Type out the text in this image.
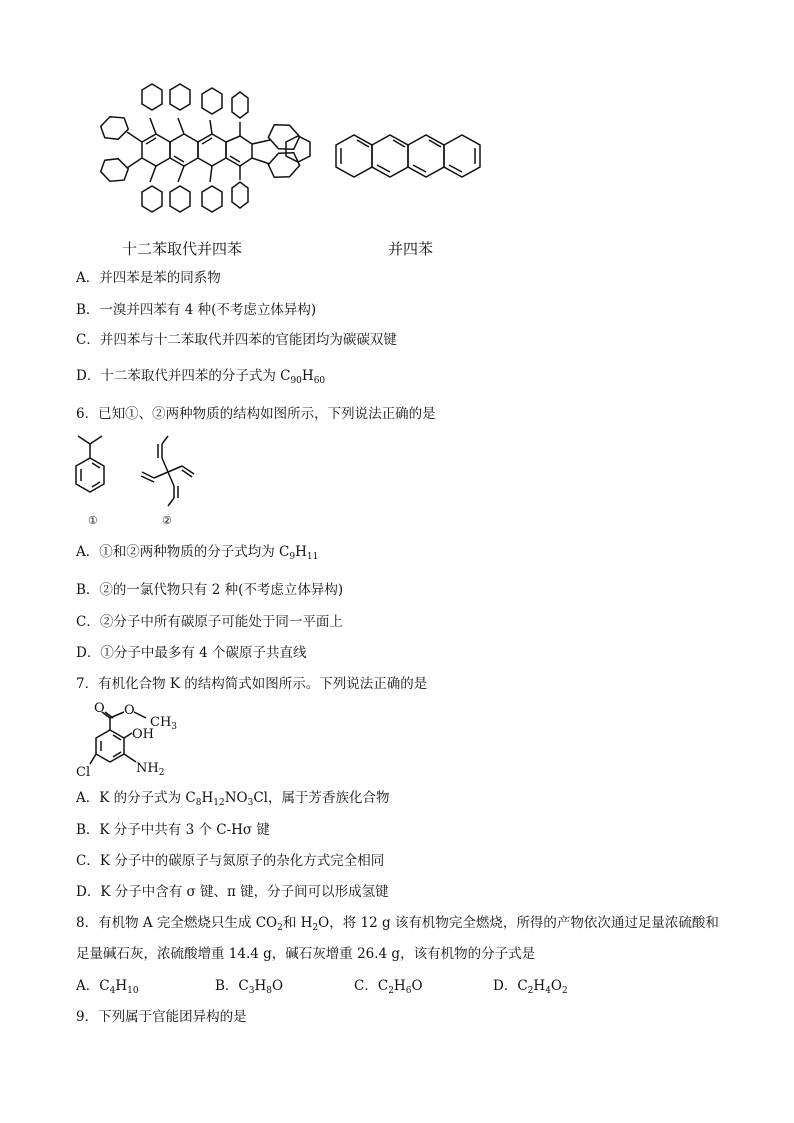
十二苯取代并四苯	并四苯
A．并四苯是苯的同系物
B．一溴并四苯有 4 种(不考虑立体异构)
C．并四苯与十二苯取代并四苯的官能团均为碳碳双键
D．十二苯取代并四苯的分子式为 $C_{90}H_{60}$
6．已知①、②两种物质的结构如图所示，下列说法正确的是
①	②
A．①和②两种物质的分子式均为 $C_9H_{11}$
B．②的一氯代物只有 2 种(不考虑立体异构)
C．②分子中所有碳原子可能处于同一平面上
D．①分子中最多有 4 个碳原子共直线
7．有机化合物 K 的结构简式如图所示。下列说法正确的是
O O
$CH_3$
OH
Cl	$NH_2$
A．K 的分子式为 $C_8H_{12}NO_3Cl$，属于芳香族化合物
B．K 分子中共有 3 个 C-Hσ 键
C．K 分子中的碳原子与氮原子的杂化方式完全相同
D．K 分子中含有 σ 键、π 键，分子间可以形成氢键
8．有机物 A 完全燃烧只生成 $CO_2$和 $H_2O$，将 12 g 该有机物完全燃烧，所得的产物依次通过足量浓硫酸和
足量碱石灰，浓硫酸增重 14.4 g，碱石灰增重 26.4 g，该有机物的分子式是
A．$C_4H_{10}$	B．$C_3H_8O$	C．$C_2H_6O$	D．$C_2H_4O_2$
9．下列属于官能团异构的是
